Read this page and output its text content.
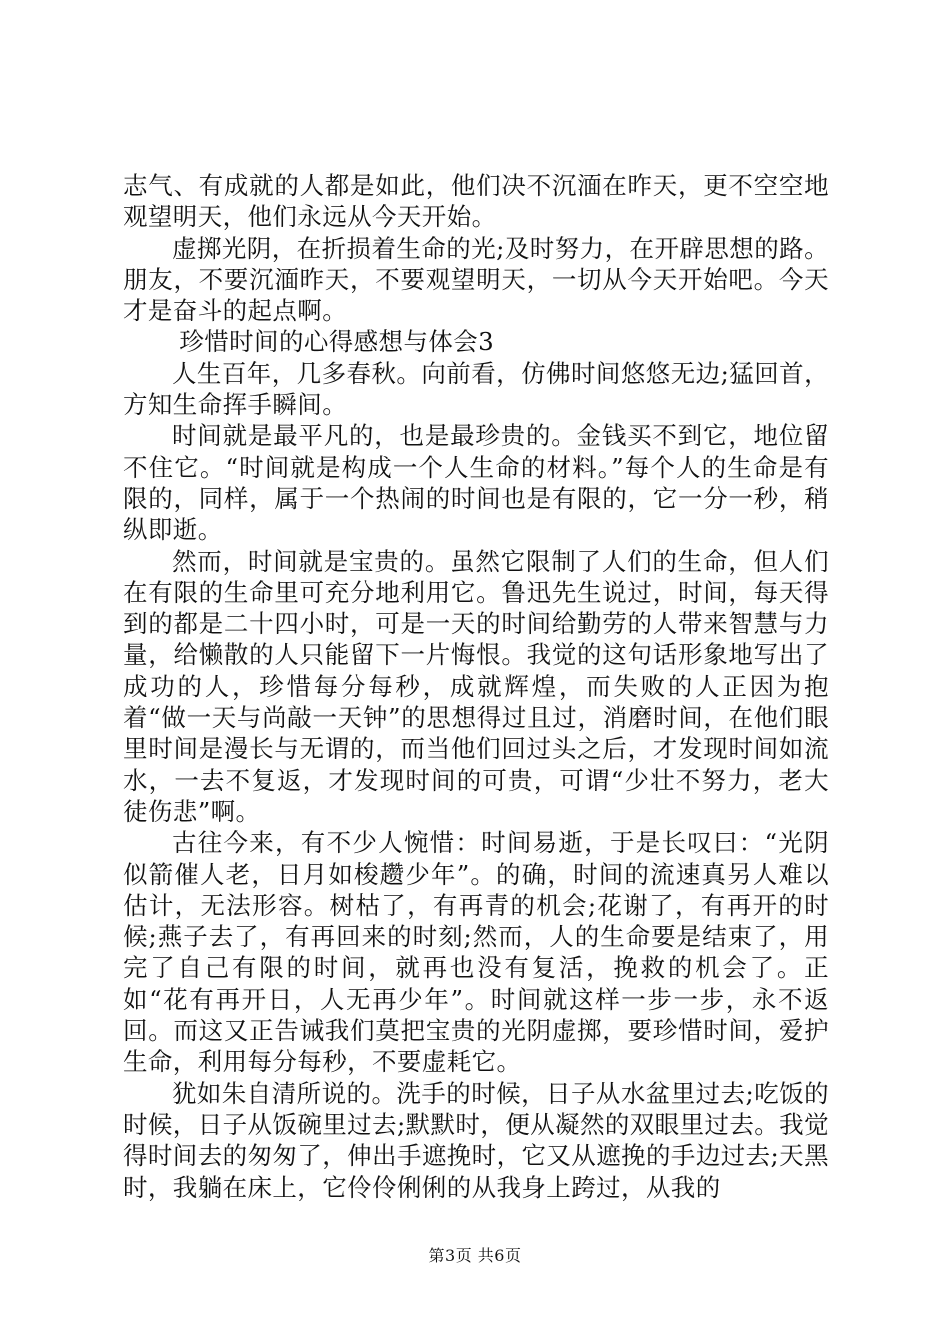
志气、有成就的人都是如此，他们决不沉湎在昨天，更不空空地观望明天，他们永远从今天开始。

虚掷光阴，在折损着生命的光;及时努力，在开辟思想的路。朋友，不要沉湎昨天，不要观望明天，一切从今天开始吧。今天才是奋斗的起点啊。

珍惜时间的心得感想与体会3

人生百年，几多春秋。向前看，仿佛时间悠悠无边;猛回首，方知生命挥手瞬间。

时间就是最平凡的，也是最珍贵的。金钱买不到它，地位留不住它。“时间就是构成一个人生命的材料。”每个人的生命是有限的，同样，属于一个热闹的时间也是有限的，它一分一秒，稍纵即逝。

然而，时间就是宝贵的。虽然它限制了人们的生命，但人们在有限的生命里可充分地利用它。鲁迅先生说过，时间，每天得到的都是二十四小时，可是一天的时间给勤劳的人带来智慧与力量，给懒散的人只能留下一片悔恨。我觉的这句话形象地写出了成功的人，珍惜每分每秒，成就辉煌，而失败的人正因为抱着“做一天与尚敲一天钟”的思想得过且过，消磨时间，在他们眼里时间是漫长与无谓的，而当他们回过头之后，才发现时间如流水，一去不复返，才发现时间的可贵，可谓“少壮不努力，老大徒伤悲”啊。

古往今来，有不少人惋惜：时间易逝，于是长叹曰：“光阴似箭催人老，日月如梭趱少年”。的确，时间的流速真另人难以估计，无法形容。树枯了，有再青的机会;花谢了，有再开的时候;燕子去了，有再回来的时刻;然而，人的生命要是结束了，用完了自己有限的时间，就再也没有复活，挽救的机会了。正如“花有再开日，人无再少年”。时间就这样一步一步，永不返回。而这又正告诫我们莫把宝贵的光阴虚掷，要珍惜时间，爱护生命，利用每分每秒，不要虚耗它。

犹如朱自清所说的。洗手的时候，日子从水盆里过去;吃饭的时候，日子从饭碗里过去;默默时，便从凝然的双眼里过去。我觉得时间去的匆匆了，伸出手遮挽时，它又从遮挽的手边过去;天黑时，我躺在床上，它伶伶俐俐的从我身上跨过，从我的

第3页 共6页
